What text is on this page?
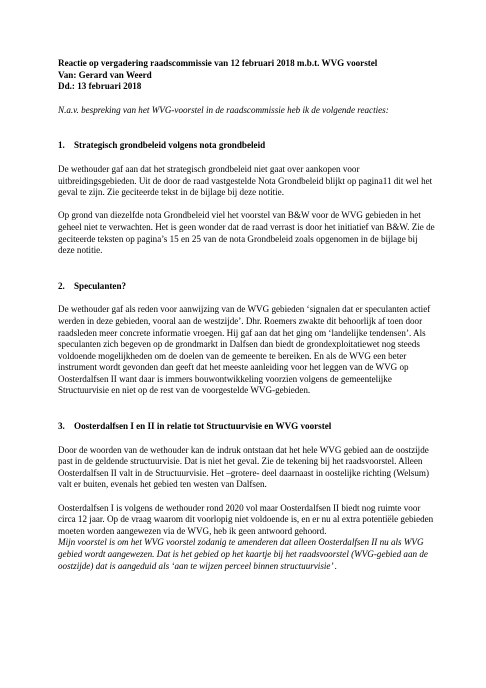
Reactie op vergadering raadscommissie van 12 februari 2018 m.b.t. WVG voorstel
Van: Gerard van Weerd
Dd.: 13 februari 2018
N.a.v. bespreking van het WVG-voorstel in de raadscommissie heb ik de volgende reacties:
1. Strategisch grondbeleid volgens nota grondbeleid

De wethouder gaf aan dat het strategisch grondbeleid niet gaat over aankopen voor uitbreidingsgebieden. Uit de door de raad vastgestelde Nota Grondbeleid blijkt op pagina11 dit wel het geval te zijn. Zie geciteerde tekst in de bijlage bij deze notitie.

Op grond van diezelfde nota Grondbeleid viel het voorstel van B&W voor de WVG gebieden in het geheel niet te verwachten. Het is geen wonder dat de raad verrast is door het initiatief van B&W. Zie de geciteerde teksten op pagina’s 15 en 25 van de nota Grondbeleid zoals opgenomen in de bijlage bij deze notitie.

2. Speculanten?

De wethouder gaf als reden voor aanwijzing van de WVG gebieden ‘signalen dat er speculanten actief werden in deze gebieden, vooral aan de westzijde’. Dhr. Roemers zwakte dit behoorlijk af toen door raadsleden meer concrete informatie vroegen. Hij gaf aan dat het ging om ‘landelijke tendensen’. Als speculanten zich begeven op de grondmarkt in Dalfsen dan biedt de grondexploitatiewet nog steeds voldoende mogelijkheden om de doelen van de gemeente te bereiken. En als de WVG een beter instrument wordt gevonden dan geeft dat het meeste aanleiding voor het leggen van de WVG op Oosterdalfsen II want daar is immers bouwontwikkeling voorzien volgens de gemeentelijke Structuurvisie en niet op de rest van de voorgestelde WVG-gebieden.

3. Oosterdalfsen I en II in relatie tot Structuurvisie en WVG voorstel

Door de woorden van de wethouder kan de indruk ontstaan dat het hele WVG gebied aan de oostzijde past in de geldende structuurvisie. Dat is niet het geval. Zie de tekening bij het raadsvoorstel. Alleen Oosterdalfsen II valt in de Structuurvisie. Het –grotere- deel daarnaast in oostelijke richting (Welsum) valt er buiten, evenals het gebied ten westen van Dalfsen.

Oosterdalfsen I is volgens de wethouder rond 2020 vol maar Oosterdalfsen II biedt nog ruimte voor circa 12 jaar. Op de vraag waarom dit voorlopig niet voldoende is, en er nu al extra potentiële gebieden moeten worden aangewezen via de WVG, heb ik geen antwoord gehoord.

Mijn voorstel is om het WVG voorstel zodanig te amenderen dat alleen Oosterdalfsen II nu als WVG gebied wordt aangewezen. Dat is het gebied op het kaartje bij het raadsvoorstel (WVG-gebied aan de oostzijde) dat is aangeduid als ‘aan te wijzen perceel binnen structuurvisie’ .
